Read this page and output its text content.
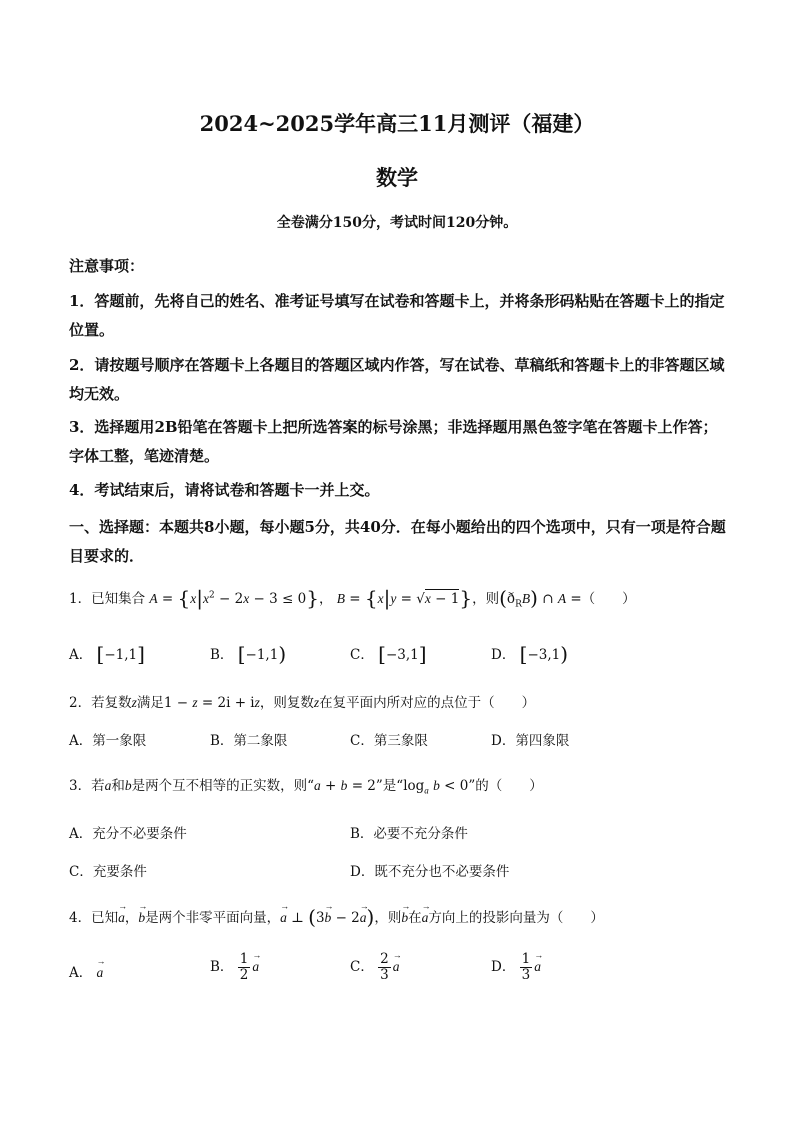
2024~2025学年高三11月测评（福建）
数学
全卷满分150分，考试时间120分钟。
注意事项：
1．答题前，先将自己的姓名、准考证号填写在试卷和答题卡上，并将条形码粘贴在答题卡上的指定位置。
2．请按题号顺序在答题卡上各题目的答题区域内作答，写在试卷、草稿纸和答题卡上的非答题区域均无效。
3．选择题用2B铅笔在答题卡上把所选答案的标号涂黑；非选择题用黑色签字笔在答题卡上作答；字体工整，笔迹清楚。
4．考试结束后，请将试卷和答题卡一并上交。
一、选择题：本题共8小题，每小题5分，共40分．在每小题给出的四个选项中，只有一项是符合题目要求的．
1．已知集合 $A = \{x|x^2 - 2x - 3 \le 0\}$， B = {x|y = √x − 1}，则$(ð_RB)$ ∩ A =（　　）
A． [−1,1]	B． [−1,1)	C． [−3,1]	D． [−3,1)
2．若复数z满足1 − z = 2i + iz，则复数z在复平面内所对应的点位于（　　）
A．第一象限	B．第二象限	C．第三象限	D．第四象限
3．若a和b是两个互不相等的正实数，则“a + b = 2”是“$\log_a$ b < 0”的（　　）
A．充分不必要条件	B．必要不充分条件
C．充要条件	D．既不充分也不必要条件
4．已知→ a，→ b是两个非零平面向量，→ a ⊥ (3→ b − 2→ a)，则→ b在→ a方向上的投影向量为（　　）
A． → a	B． $\frac{1}{2}$
→ a	C． $\frac{2}{3}$
→ a	D． $\frac{1}{3}$
→ a
